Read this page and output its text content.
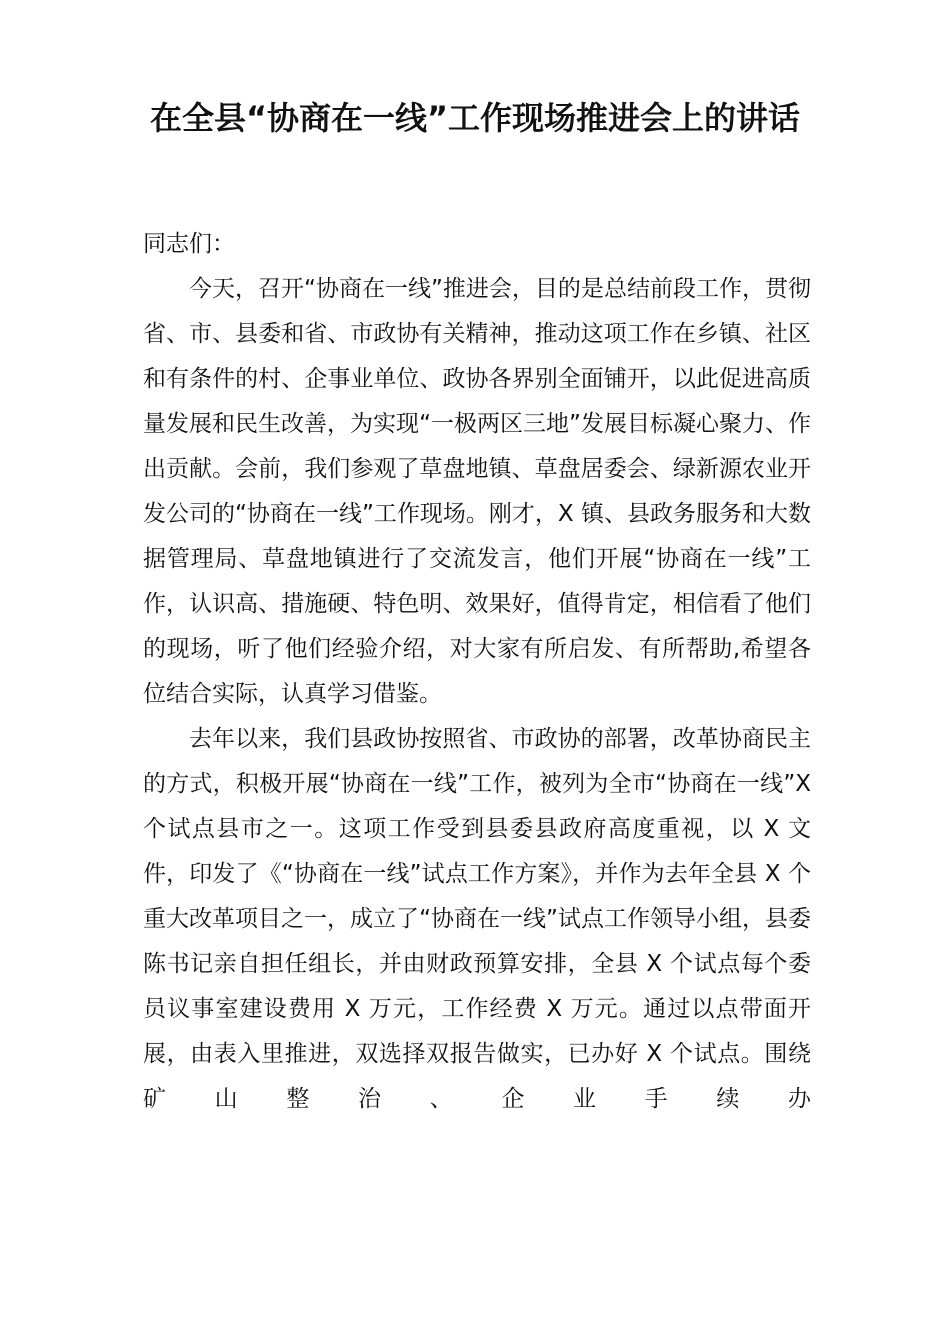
在全县“协商在一线”工作现场推进会上的讲话

同志们：

今天，召开“协商在一线”推进会，目的是总结前段工作，贯彻省、市、县委和省、市政协有关精神，推动这项工作在乡镇、社区和有条件的村、企事业单位、政协各界别全面铺开，以此促进高质量发展和民生改善，为实现“一极两区三地”发展目标凝心聚力、作出贡献。会前，我们参观了草盘地镇、草盘居委会、绿新源农业开发公司的“协商在一线”工作现场。刚才，X 镇、县政务服务和大数据管理局、草盘地镇进行了交流发言，他们开展“协商在一线”工作，认识高、措施硬、特色明、效果好，值得肯定，相信看了他们的现场，听了他们经验介绍，对大家有所启发、有所帮助,希望各位结合实际，认真学习借鉴。

去年以来，我们县政协按照省、市政协的部署，改革协商民主的方式，积极开展“协商在一线”工作，被列为全市“协商在一线”X 个试点县市之一。这项工作受到县委县政府高度重视，以 X 文件，印发了《“协商在一线”试点工作方案》，并作为去年全县 X 个重大改革项目之一，成立了“协商在一线”试点工作领导小组，县委陈书记亲自担任组长，并由财政预算安排，全县 X 个试点每个委员议事室建设费用 X 万元，工作经费 X 万元。通过以点带面开展，由表入里推进，双选择双报告做实，已办好 X 个试点。围绕矿山整治、企业手续办
